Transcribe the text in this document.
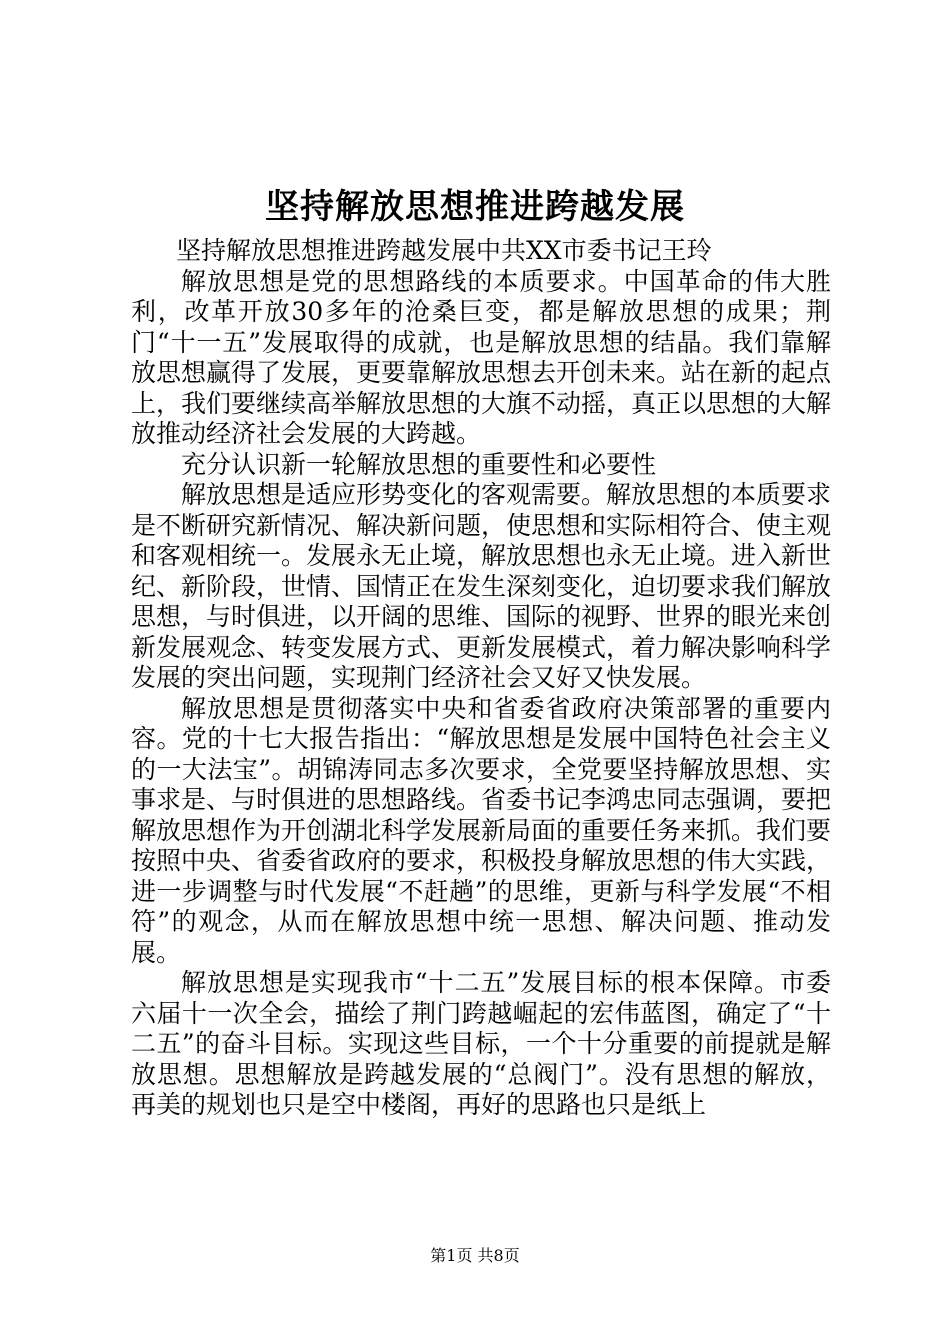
坚持解放思想推进跨越发展

坚持解放思想推进跨越发展中共XX市委书记王玲

解放思想是党的思想路线的本质要求。中国革命的伟大胜利，改革开放30多年的沧桑巨变，都是解放思想的成果；荆门“十一五”发展取得的成就，也是解放思想的结晶。我们靠解放思想赢得了发展，更要靠解放思想去开创未来。站在新的起点上，我们要继续高举解放思想的大旗不动摇，真正以思想的大解放推动经济社会发展的大跨越。

充分认识新一轮解放思想的重要性和必要性

解放思想是适应形势变化的客观需要。解放思想的本质要求是不断研究新情况、解决新问题，使思想和实际相符合、使主观和客观相统一。发展永无止境，解放思想也永无止境。进入新世纪、新阶段，世情、国情正在发生深刻变化，迫切要求我们解放思想，与时俱进，以开阔的思维、国际的视野、世界的眼光来创新发展观念、转变发展方式、更新发展模式，着力解决影响科学发展的突出问题，实现荆门经济社会又好又快发展。

解放思想是贯彻落实中央和省委省政府决策部署的重要内容。党的十七大报告指出：“解放思想是发展中国特色社会主义的一大法宝”。胡锦涛同志多次要求，全党要坚持解放思想、实事求是、与时俱进的思想路线。省委书记李鸿忠同志强调，要把解放思想作为开创湖北科学发展新局面的重要任务来抓。我们要按照中央、省委省政府的要求，积极投身解放思想的伟大实践，进一步调整与时代发展“不赶趟”的思维，更新与科学发展“不相符”的观念，从而在解放思想中统一思想、解决问题、推动发展。

解放思想是实现我市“十二五”发展目标的根本保障。市委六届十一次全会，描绘了荆门跨越崛起的宏伟蓝图，确定了“十二五”的奋斗目标。实现这些目标，一个十分重要的前提就是解放思想。思想解放是跨越发展的“总阀门”。没有思想的解放，再美的规划也只是空中楼阁，再好的思路也只是纸上

第1页 共8页
